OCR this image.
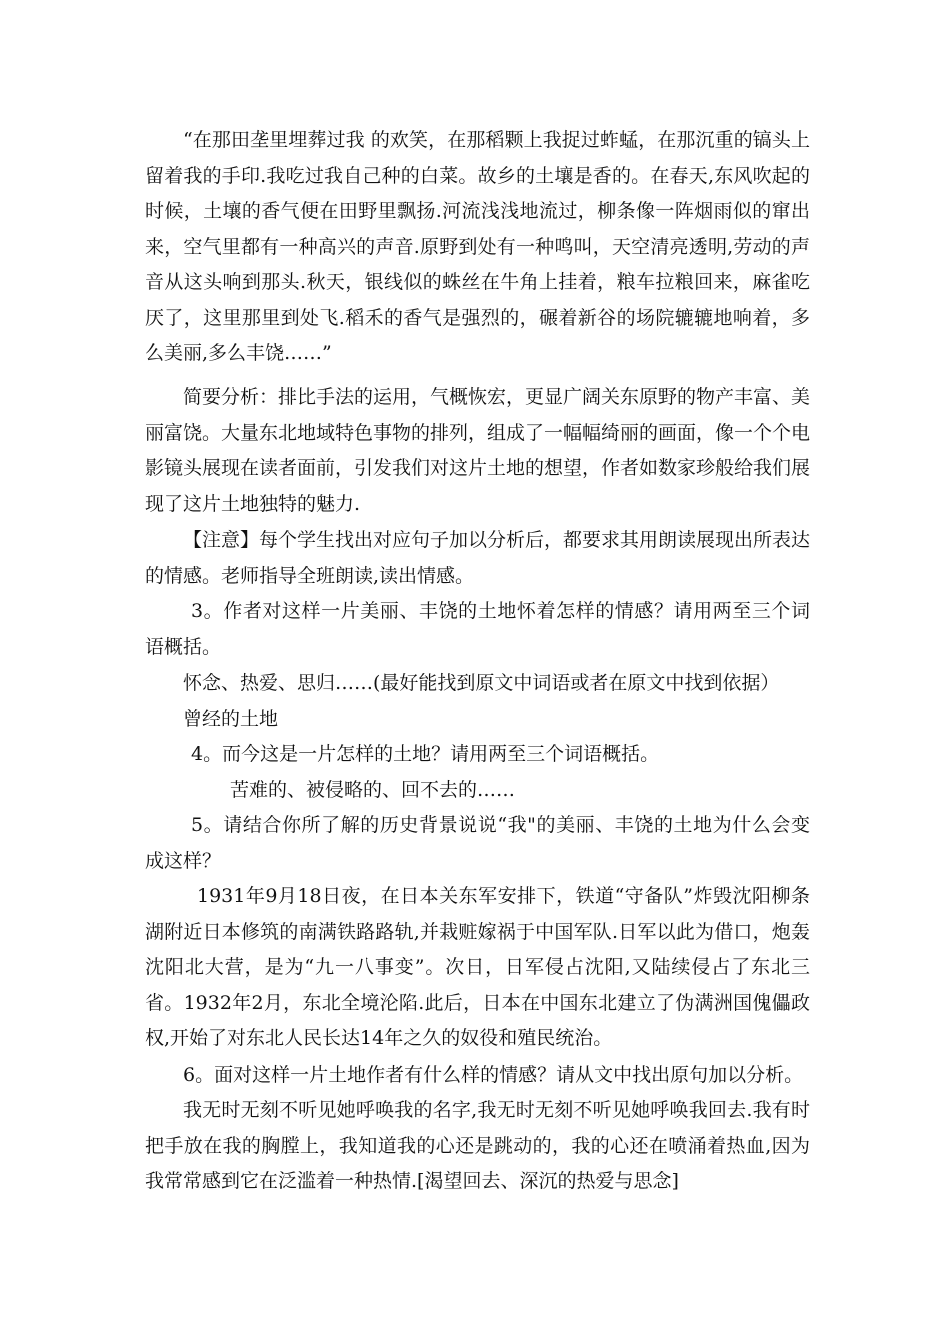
“在那田垄里埋葬过我 的欢笑，在那稻颗上我捉过蚱蜢，在那沉重的镐头上留着我的手印.我吃过我自己种的白菜。故乡的土壤是香的。在春天,东风吹起的时候，土壤的香气便在田野里飘扬.河流浅浅地流过，柳条像一阵烟雨似的窜出来，空气里都有一种高兴的声音.原野到处有一种鸣叫，天空清亮透明,劳动的声音从这头响到那头.秋天，银线似的蛛丝在牛角上挂着，粮车拉粮回来，麻雀吃厌了，这里那里到处飞.稻禾的香气是强烈的，碾着新谷的场院辘辘地响着，多么美丽,多么丰饶……”

简要分析：排比手法的运用，气概恢宏，更显广阔关东原野的物产丰富、美丽富饶。大量东北地域特色事物的排列，组成了一幅幅绮丽的画面，像一个个电影镜头展现在读者面前，引发我们对这片土地的想望，作者如数家珍般给我们展现了这片土地独特的魅力.

【注意】每个学生找出对应句子加以分析后，都要求其用朗读展现出所表达的情感。老师指导全班朗读,读出情感。

3。作者对这样一片美丽、丰饶的土地怀着怎样的情感？请用两至三个词语概括。

怀念、热爱、思归……(最好能找到原文中词语或者在原文中找到依据）

曾经的土地

4。而今这是一片怎样的土地？请用两至三个词语概括。

苦难的、被侵略的、回不去的……

5。请结合你所了解的历史背景说说“我"的美丽、丰饶的土地为什么会变成这样？

1931年9月18日夜，在日本关东军安排下，铁道“守备队”炸毁沈阳柳条湖附近日本修筑的南满铁路路轨,并栽赃嫁祸于中国军队.日军以此为借口，炮轰沈阳北大营，是为“九一八事变”。次日，日军侵占沈阳,又陆续侵占了东北三省。1932年2月，东北全境沦陷.此后，日本在中国东北建立了伪满洲国傀儡政权,开始了对东北人民长达14年之久的奴役和殖民统治。

6。面对这样一片土地作者有什么样的情感？请从文中找出原句加以分析。

我无时无刻不听见她呼唤我的名字,我无时无刻不听见她呼唤我回去.我有时把手放在我的胸膛上，我知道我的心还是跳动的，我的心还在喷涌着热血,因为我常常感到它在泛滥着一种热情.[渴望回去、深沉的热爱与思念]
